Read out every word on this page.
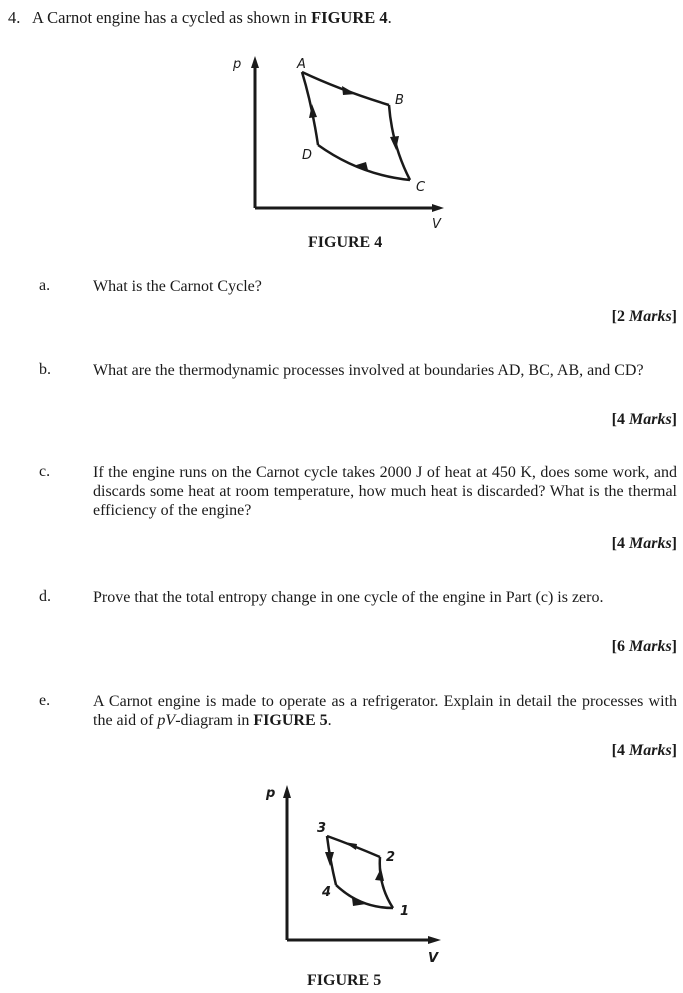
4. A Carnot engine has a cycled as shown in FIGURE 4.
p
V
A
B
C
D
FIGURE 4
a.	What is the Carnot Cycle?
[2 Marks]
b.	What are the thermodynamic processes involved at boundaries AD, BC, AB, and CD?
[4 Marks]
c.	If the engine runs on the Carnot cycle takes 2000 J of heat at 450 K, does some work, and discards some heat at room temperature, how much heat is discarded? What is the thermal efficiency of the engine?
[4 Marks]
d.	Prove that the total entropy change in one cycle of the engine in Part (c) is zero.
[6 Marks]
e.	A Carnot engine is made to operate as a refrigerator. Explain in detail the processes with the aid of pV-diagram in FIGURE 5.
[4 Marks]
p
V
3
2
1
4
FIGURE 5
